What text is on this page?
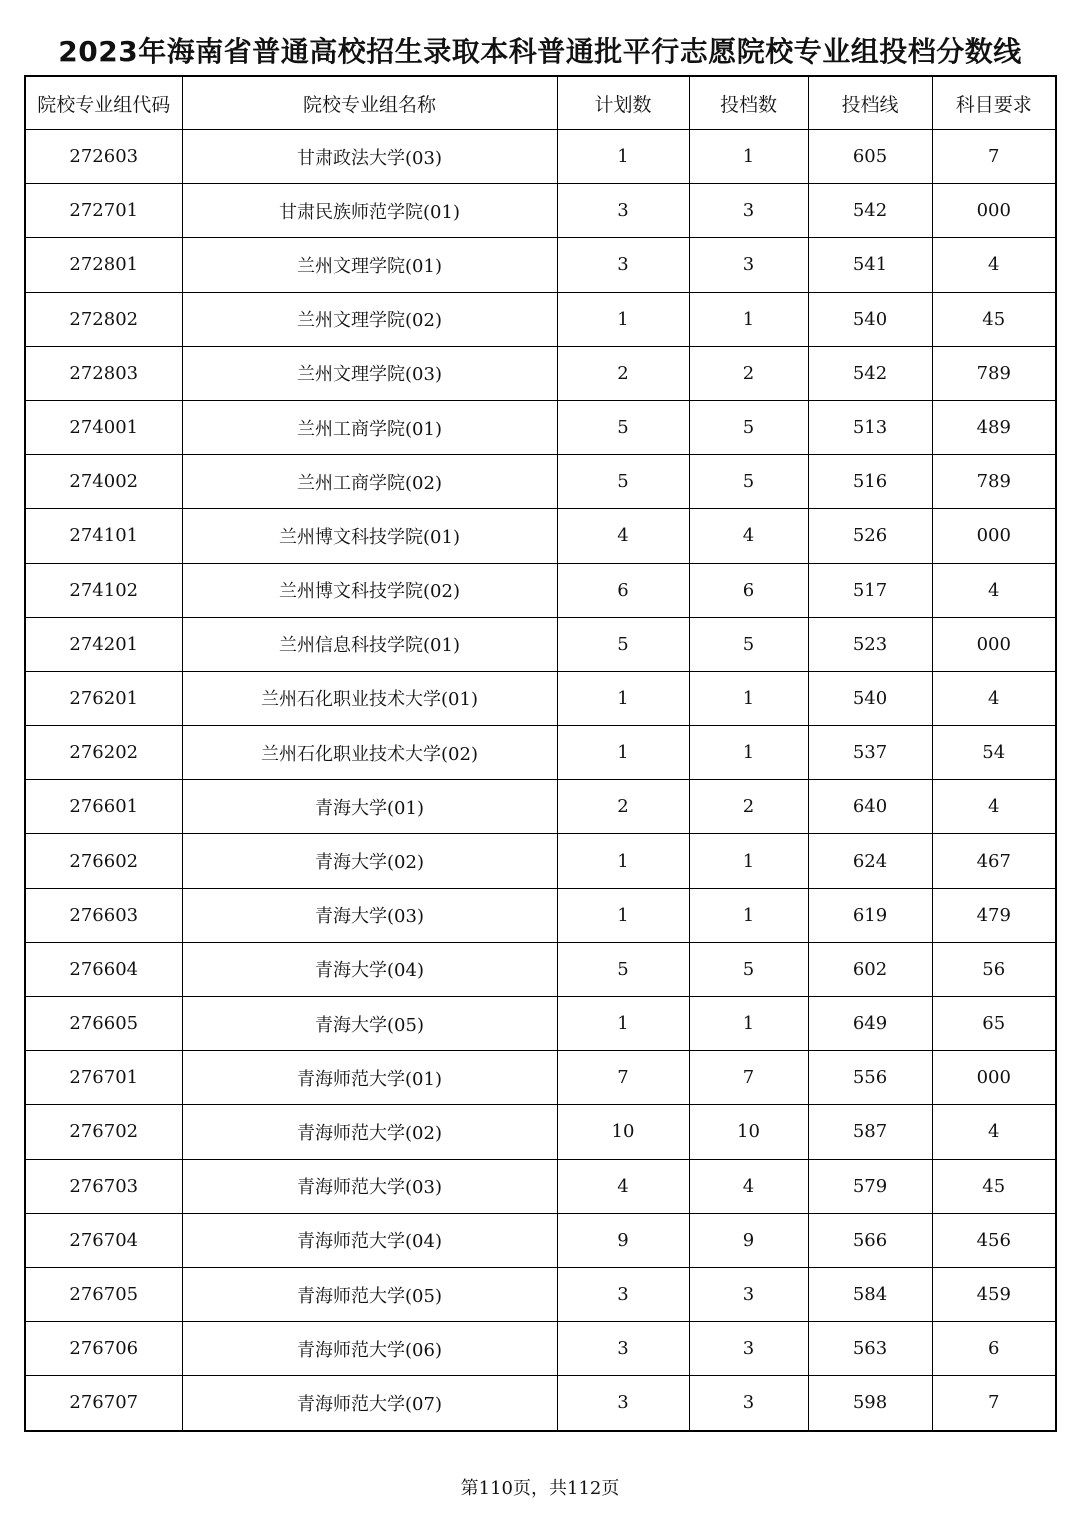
2023年海南省普通高校招生录取本科普通批平行志愿院校专业组投档分数线
院校专业组代码	院校专业组名称	计划数	投档数	投档线	科目要求
272603	甘肃政法大学(03)	1	1	605	7
272701	甘肃民族师范学院(01)	3	3	542	000
272801	兰州文理学院(01)	3	3	541	4
272802	兰州文理学院(02)	1	1	540	45
272803	兰州文理学院(03)	2	2	542	789
274001	兰州工商学院(01)	5	5	513	489
274002	兰州工商学院(02)	5	5	516	789
274101	兰州博文科技学院(01)	4	4	526	000
274102	兰州博文科技学院(02)	6	6	517	4
274201	兰州信息科技学院(01)	5	5	523	000
276201	兰州石化职业技术大学(01)	1	1	540	4
276202	兰州石化职业技术大学(02)	1	1	537	54
276601	青海大学(01)	2	2	640	4
276602	青海大学(02)	1	1	624	467
276603	青海大学(03)	1	1	619	479
276604	青海大学(04)	5	5	602	56
276605	青海大学(05)	1	1	649	65
276701	青海师范大学(01)	7	7	556	000
276702	青海师范大学(02)	10	10	587	4
276703	青海师范大学(03)	4	4	579	45
276704	青海师范大学(04)	9	9	566	456
276705	青海师范大学(05)	3	3	584	459
276706	青海师范大学(06)	3	3	563	6
276707	青海师范大学(07)	3	3	598	7
第110页，共112页
